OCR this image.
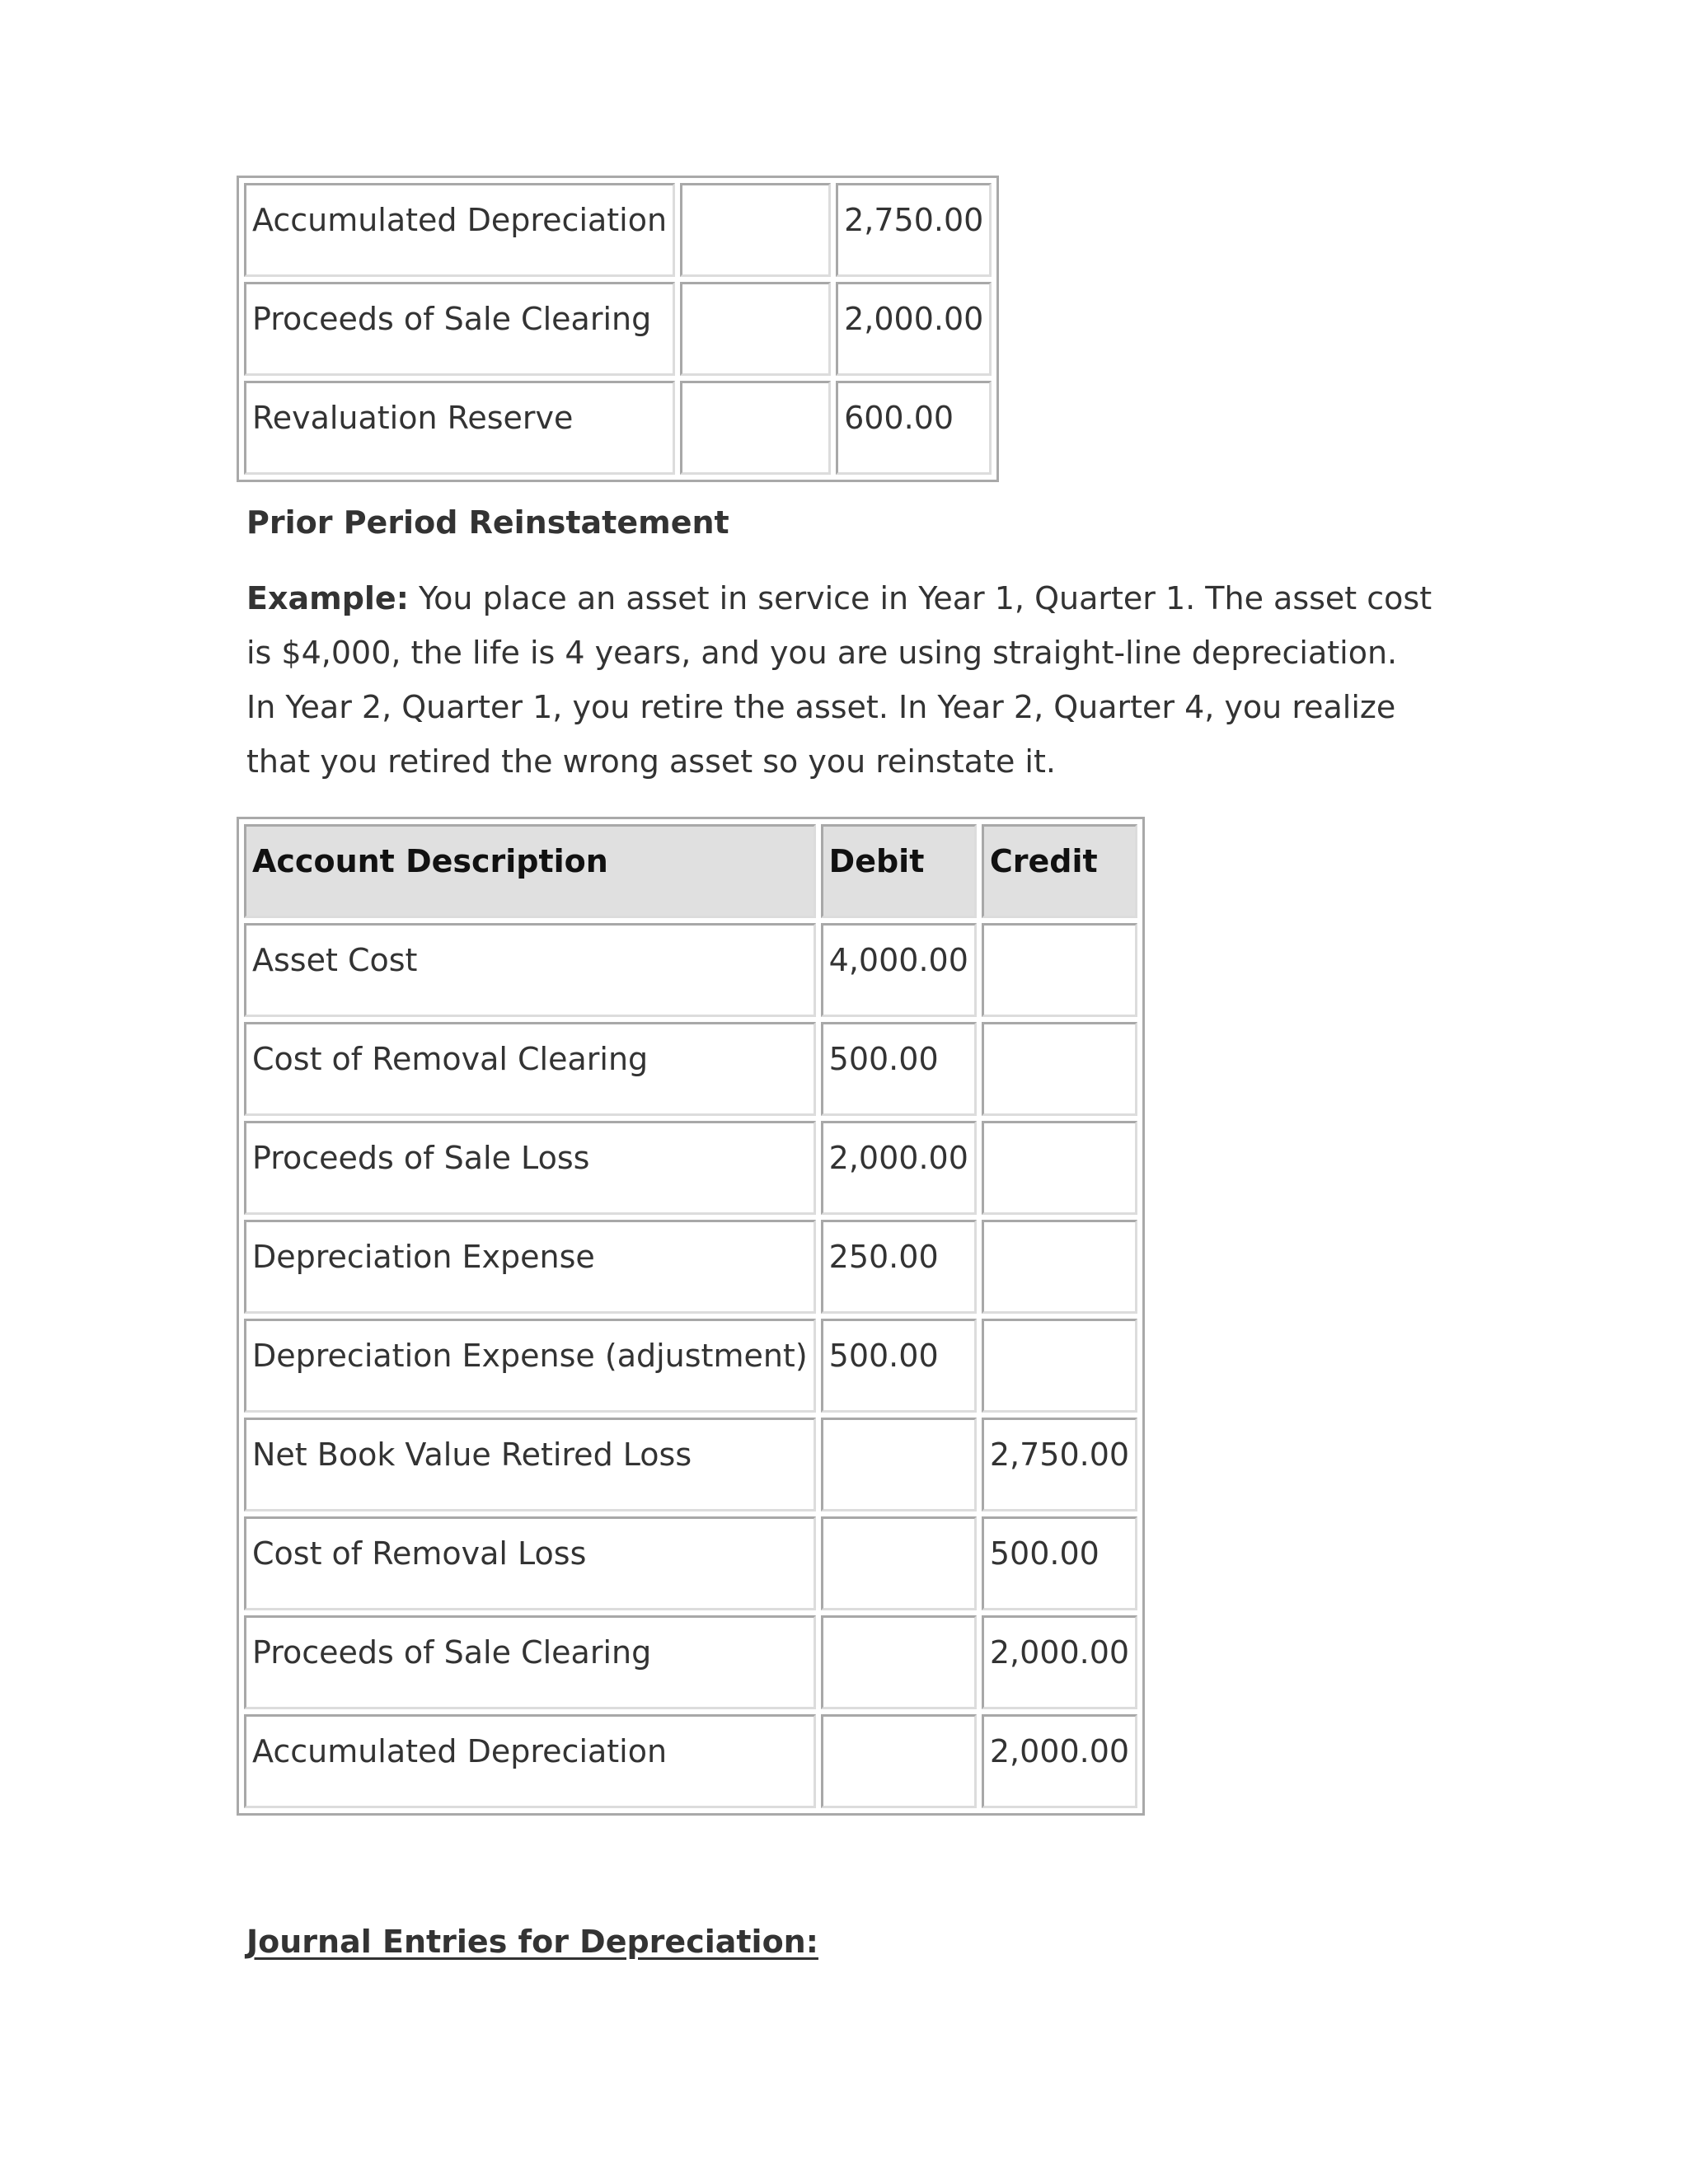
Accumulated Depreciation		2,750.00
Proceeds of Sale Clearing		2,000.00
Revaluation Reserve		600.00
Prior Period Reinstatement

Example: You place an asset in service in Year 1, Quarter 1. The asset cost is $4,000, the life is 4 years, and you are using straight-line depreciation. In Year 2, Quarter 1, you retire the asset. In Year 2, Quarter 4, you realize that you retired the wrong asset so you reinstate it.

Account Description	Debit	Credit
Asset Cost	4,000.00	
Cost of Removal Clearing	500.00	
Proceeds of Sale Loss	2,000.00	
Depreciation Expense	250.00	
Depreciation Expense (adjustment)	500.00	
Net Book Value Retired Loss		2,750.00
Cost of Removal Loss		500.00
Proceeds of Sale Clearing		2,000.00
Accumulated Depreciation		2,000.00
Journal Entries for Depreciation:
